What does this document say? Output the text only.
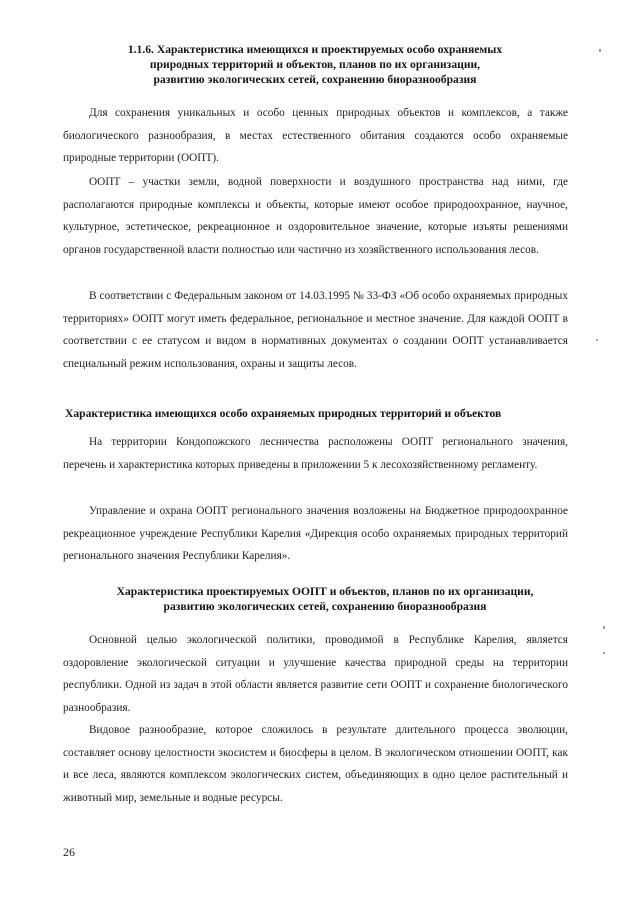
1.1.6. Характеристика имеющихся и проектируемых особо охраняемых
природных территорий и объектов, планов по их организации,
развитию экологических сетей, сохранению биоразнообразия

Для сохранения уникальных и особо ценных природных объектов и комплексов, а также биологического разнообразия, в местах естественного обитания создаются особо охраняемые природные территории (ООПТ).

ООПТ – участки земли, водной поверхности и воздушного пространства над ними, где располагаются природные комплексы и объекты, которые имеют особое природоохранное, научное, культурное, эстетическое, рекреационное и оздоровительное значение, которые изъяты решениями органов государственной власти полностью или частично из хозяйственного использования лесов.

В соответствии с Федеральным законом от 14.03.1995 № 33-ФЗ «Об особо охраняемых природных территориях» ООПТ могут иметь федеральное, региональное и местное значение. Для каждой ООПТ в соответствии с ее статусом и видом в нормативных документах о создании ООПТ устанавливается специальный режим использования, охраны и защиты лесов.

Характеристика имеющихся особо охраняемых природных территорий и объектов

На территории Кондопожского лесничества расположены ООПТ регионального значения, перечень и характеристика которых приведены в приложении 5 к лесохозяйственному регламенту.

Управление и охрана ООПТ регионального значения возложены на Бюджетное природоохранное рекреационное учреждение Республики Карелия «Дирекция особо охраняемых природных территорий регионального значения Республики Карелия».

Характеристика проектируемых ООПТ и объектов, планов по их организации,
развитию экологических сетей, сохранению биоразнообразия

Основной целью экологической политики, проводимой в Республике Карелия, является оздоровление экологической ситуации и улучшение качества природной среды на территории республики. Одной из задач в этой области является развитие сети ООПТ и сохранение биологического разнообразия.

Видовое разнообразие, которое сложилось в результате длительного процесса эволюции, составляет основу целостности экосистем и биосферы в целом. В экологическом отношении ООПТ, как и все леса, являются комплексом экологических систем, объединяющих в одно целое растительный и животный мир, земельные и водные ресурсы.

26
